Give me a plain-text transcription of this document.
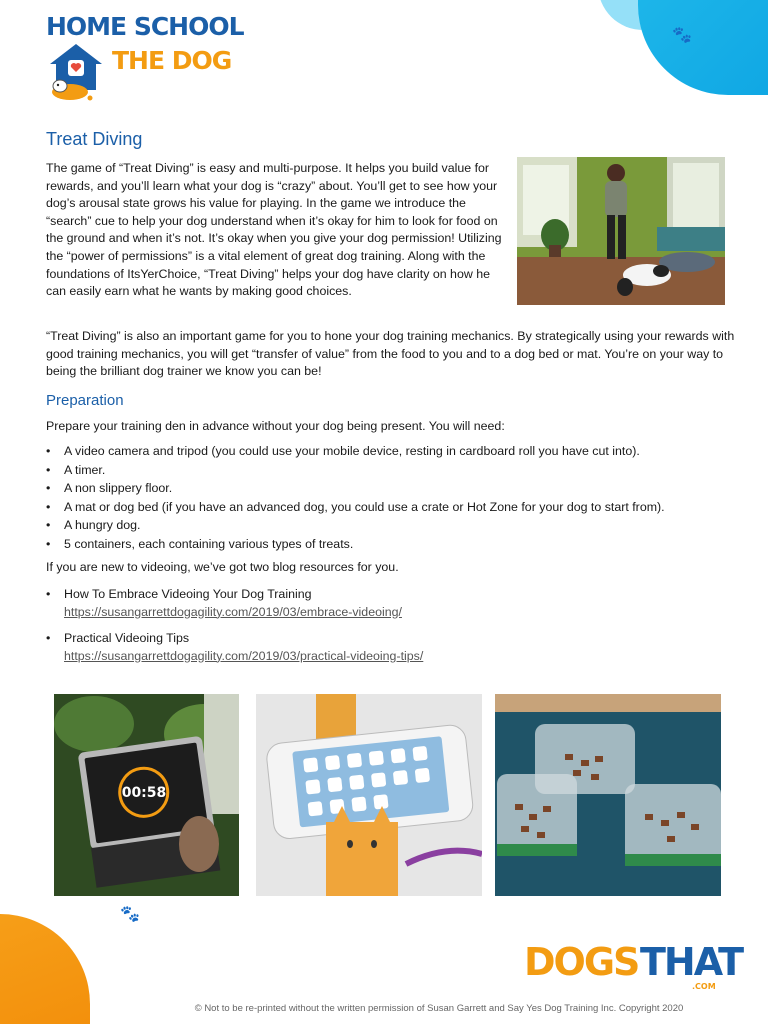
🐾
🐾
HOME SCHOOL
THE DOG
Treat Diving

The game of “Treat Diving” is easy and multi-purpose. It helps you build value for rewards, and you’ll learn what your dog is “crazy” about. You’ll get to see how your dog’s arousal state grows his value for playing. In the game we introduce the “search” cue to help your dog understand when it’s okay for him to look for food on the ground and when it’s not. It’s okay when you give your dog permission! Utilizing the “power of permissions” is a vital element of great dog training. Along with the foundations of ItsYerChoice, “Treat Diving” helps your dog have clarity on how he can easily earn what he wants by making good choices.

“Treat Diving” is also an important game for you to hone your dog training mechanics. By strategically using your rewards with good training mechanics, you will get “transfer of value” from the food to you and to a dog bed or mat. You’re on your way to being the brilliant dog trainer we know you can be!

Preparation

Prepare your training den in advance without your dog being present. You will need:

• A video camera and tripod (you could use your mobile device, resting in cardboard roll you have cut into).
• A timer.
• A non slippery floor.
• A mat or dog bed (if you have an advanced dog, you could use a crate or Hot Zone for your dog to start from).
• A hungry dog.
• 5 containers, each containing various types of treats.

If you are new to videoing, we’ve got two blog resources for you.

• How To Embrace Videoing Your Dog Training
https://susangarrettdogagility.com/2019/03/embrace-videoing/
• Practical Videoing Tips
https://susangarrettdogagility.com/2019/03/practical-videoing-tips/
00:58
DOGS THAT
.COM
© Not to be re-printed without the written permission of Susan Garrett and Say Yes Dog Training Inc. Copyright 2020
